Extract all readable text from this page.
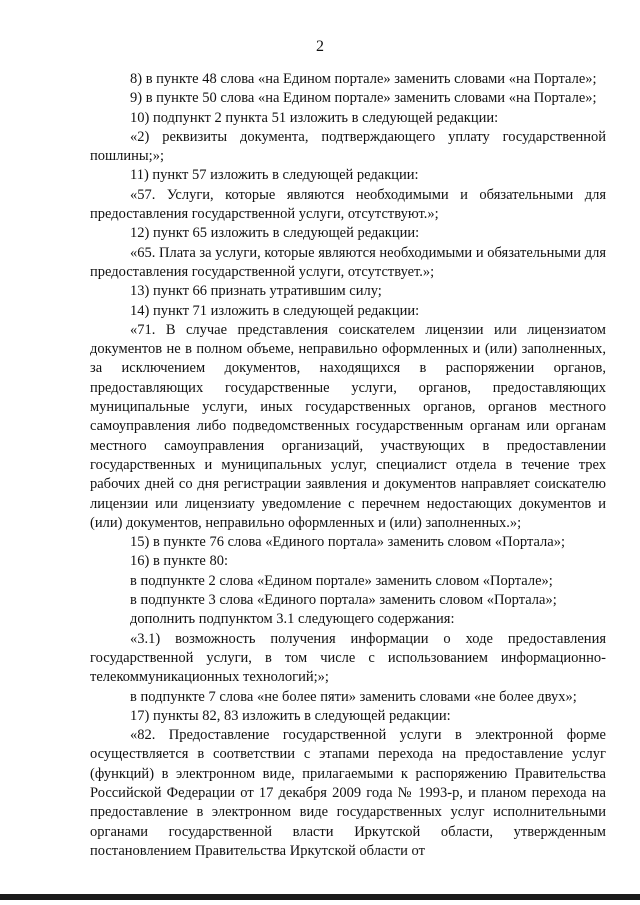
2

8) в пункте 48 слова «на Едином портале» заменить словами «на Портале»;

9) в пункте 50 слова «на Едином портале» заменить словами «на Портале»;

10) подпункт 2 пункта 51 изложить в следующей редакции:

«2) реквизиты документа, подтверждающего уплату государственной пошлины;»;

11) пункт 57 изложить в следующей редакции:

«57. Услуги, которые являются необходимыми и обязательными для предоставления государственной услуги, отсутствуют.»;

12) пункт 65 изложить в следующей редакции:

«65. Плата за услуги, которые являются необходимыми и обязательными для предоставления государственной услуги, отсутствует.»;

13) пункт 66 признать утратившим силу;

14) пункт 71 изложить в следующей редакции:

«71. В случае представления соискателем лицензии или лицензиатом документов не в полном объеме, неправильно оформленных и (или) заполненных, за исключением документов, находящихся в распоряжении органов, предоставляющих государственные услуги, органов, предоставляющих муниципальные услуги, иных государственных органов, органов местного самоуправления либо подведомственных государственным органам или органам местного самоуправления организаций, участвующих в предоставлении государственных и муниципальных услуг, специалист отдела в течение трех рабочих дней со дня регистрации заявления и документов направляет соискателю лицензии или лицензиату уведомление с перечнем недостающих документов и (или) документов, неправильно оформленных и (или) заполненных.»;

15) в пункте 76 слова «Единого портала» заменить словом «Портала»;

16) в пункте 80:

в подпункте 2 слова «Едином портале» заменить словом «Портале»;

в подпункте 3 слова «Единого портала» заменить словом «Портала»;

дополнить подпунктом 3.1 следующего содержания:

«3.1) возможность получения информации о ходе предоставления государственной услуги, в том числе с использованием информационно-телекоммуникационных технологий;»;

в подпункте 7 слова «не более пяти» заменить словами «не более двух»;

17) пункты 82, 83 изложить в следующей редакции:

«82. Предоставление государственной услуги в электронной форме осуществляется в соответствии с этапами перехода на предоставление услуг (функций) в электронном виде, прилагаемыми к распоряжению Правительства Российской Федерации от 17 декабря 2009 года № 1993-р, и планом перехода на предоставление в электронном виде государственных услуг исполнительными органами государственной власти Иркутской области, утвержденным постановлением Правительства Иркутской области от
